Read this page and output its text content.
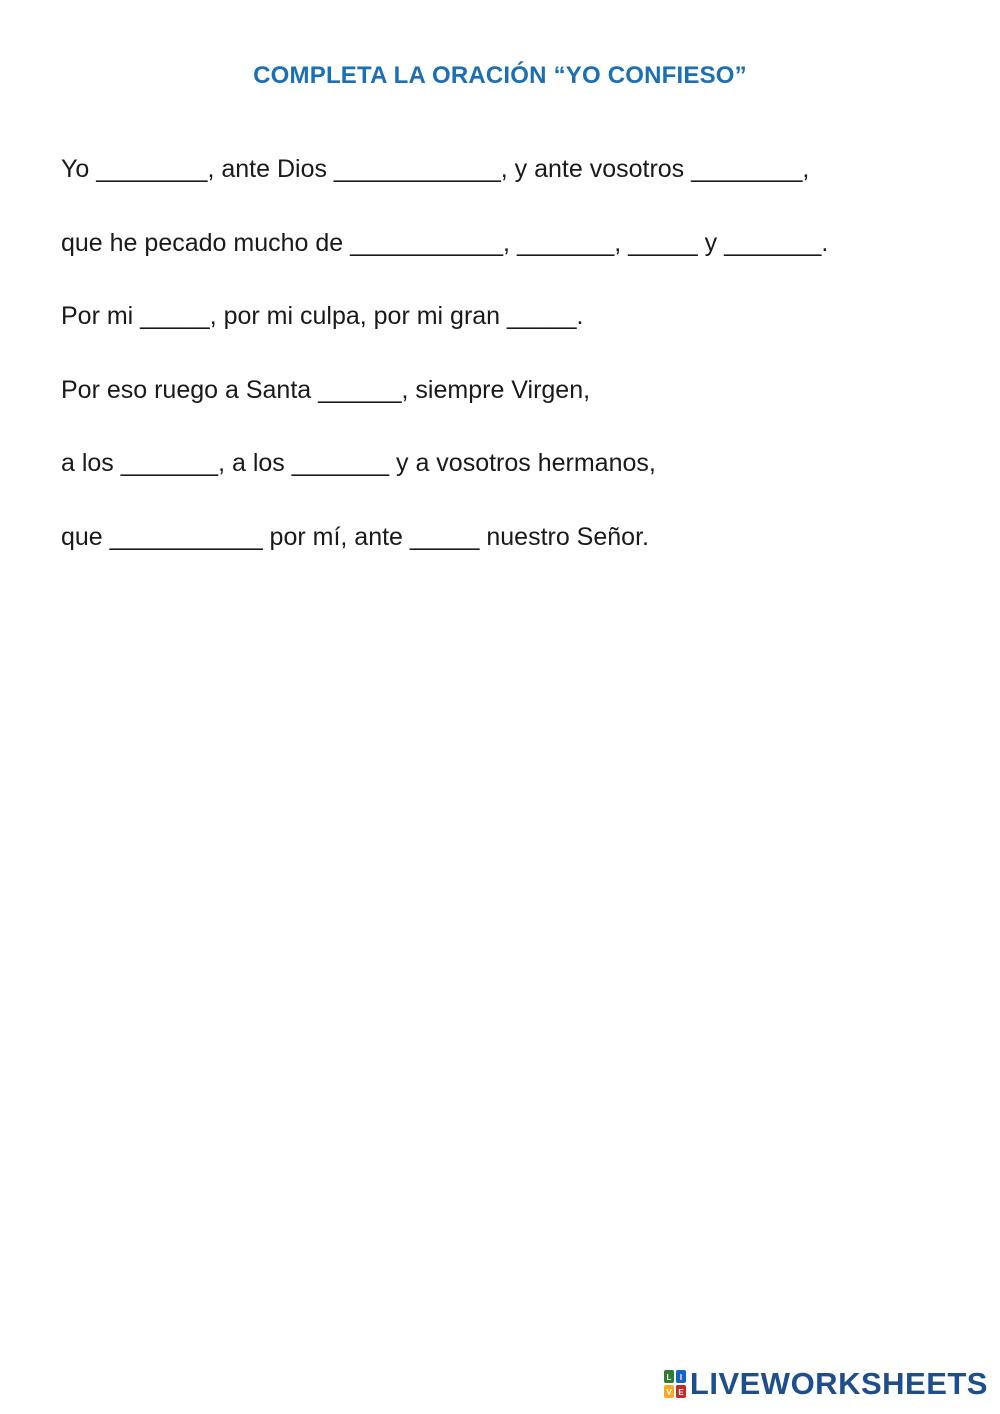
COMPLETA LA ORACIÓN “YO CONFIESO”
Yo ________, ante Dios ____________, y ante vosotros ________,
que he pecado mucho de ___________, _______, _____ y _______.
Por mi _____, por mi culpa, por mi gran _____.
Por eso ruego a Santa ______, siempre Virgen,
a los _______, a los _______ y a vosotros hermanos,
que ___________ por mí, ante _____ nuestro Señor.
L I
V E LIVEWORKSHEETS
